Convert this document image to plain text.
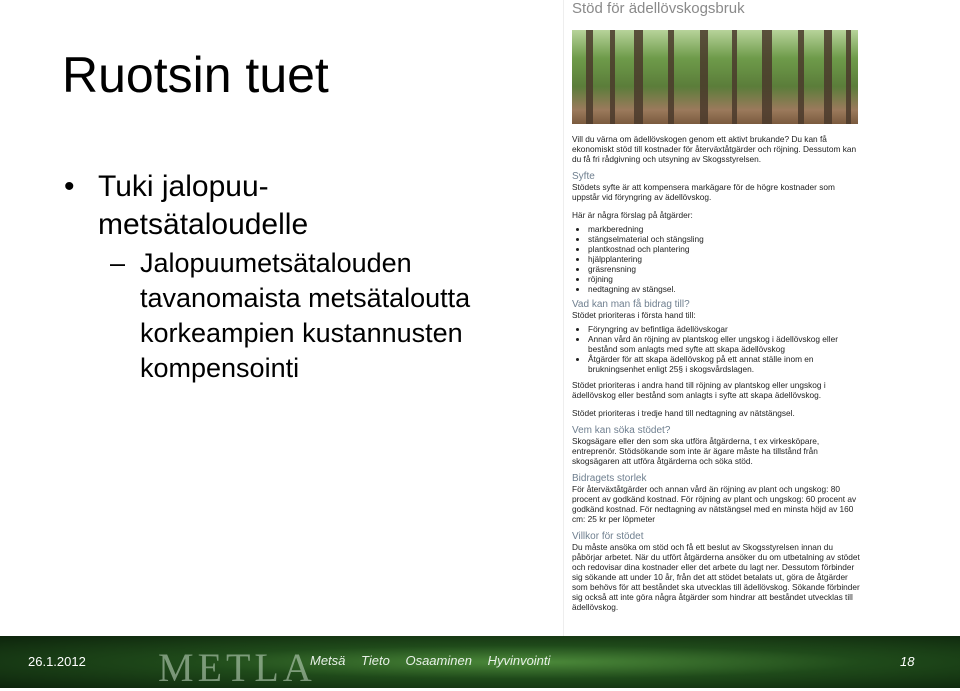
Ruotsin tuet
• Tuki jalopuu-
metsätaloudelle
– Jalopuumetsätalouden
tavanomaista metsätaloutta
korkeampien kustannusten
kompensointi
Stöd för ädellövskogsbruk

Vill du värna om ädellövskogen genom ett aktivt brukande? Du kan få ekonomiskt stöd till kostnader för återväxtåtgärder och röjning. Dessutom kan du få fri rådgivning och utsyning av Skogsstyrelsen.

Syfte

Stödets syfte är att kompensera markägare för de högre kostnader som uppstår vid föryngring av ädellövskog.

Här är några förslag på åtgärder:
• markberedning
• stängselmaterial och stängsling
• plantkostnad och plantering
• hjälpplantering
• gräsrensning
• röjning
• nedtagning av stängsel.
Vad kan man få bidrag till?
Stödet prioriteras i första hand till:
• Föryngring av befintliga ädellövskogar
• Annan vård än röjning av plantskog eller ungskog i ädellövskog eller bestånd som anlagts med syfte att skapa ädellövskog
• Åtgärder för att skapa ädellövskog på ett annat ställe inom en brukningsenhet enligt 25§ i skogsvårdslagen.

Stödet prioriteras i andra hand till röjning av plantskog eller ungskog i ädellövskog eller bestånd som anlagts i syfte att skapa ädellövskog.

Stödet prioriteras i tredje hand till nedtagning av nätstängsel.

Vem kan söka stödet?

Skogsägare eller den som ska utföra åtgärderna, t ex virkesköpare, entreprenör. Stödsökande som inte är ägare måste ha tillstånd från skogsägaren att utföra åtgärderna och söka stöd.

Bidragets storlek

För återväxtåtgärder och annan vård än röjning av plant och ungskog: 80 procent av godkänd kostnad. För röjning av plant och ungskog: 60 procent av godkänd kostnad. För nedtagning av nätstängsel med en minsta höjd av 160 cm: 25 kr per löpmeter

Villkor för stödet

Du måste ansöka om stöd och få ett beslut av Skogsstyrelsen innan du påbörjar arbetet. När du utfört åtgärderna ansöker du om utbetalning av stödet och redovisar dina kostnader eller det arbete du lagt ner. Dessutom förbinder sig sökande att under 10 år, från det att stödet betalats ut, göra de åtgärder som behövs för att beståndet ska utvecklas till ädellövskog. Sökande förbinder sig också att inte göra några åtgärder som hindrar att beståndet utvecklas till ädellövskog.

26.1.2012 METLA
Metsä Tieto Osaaminen Hyvinvointi	18
